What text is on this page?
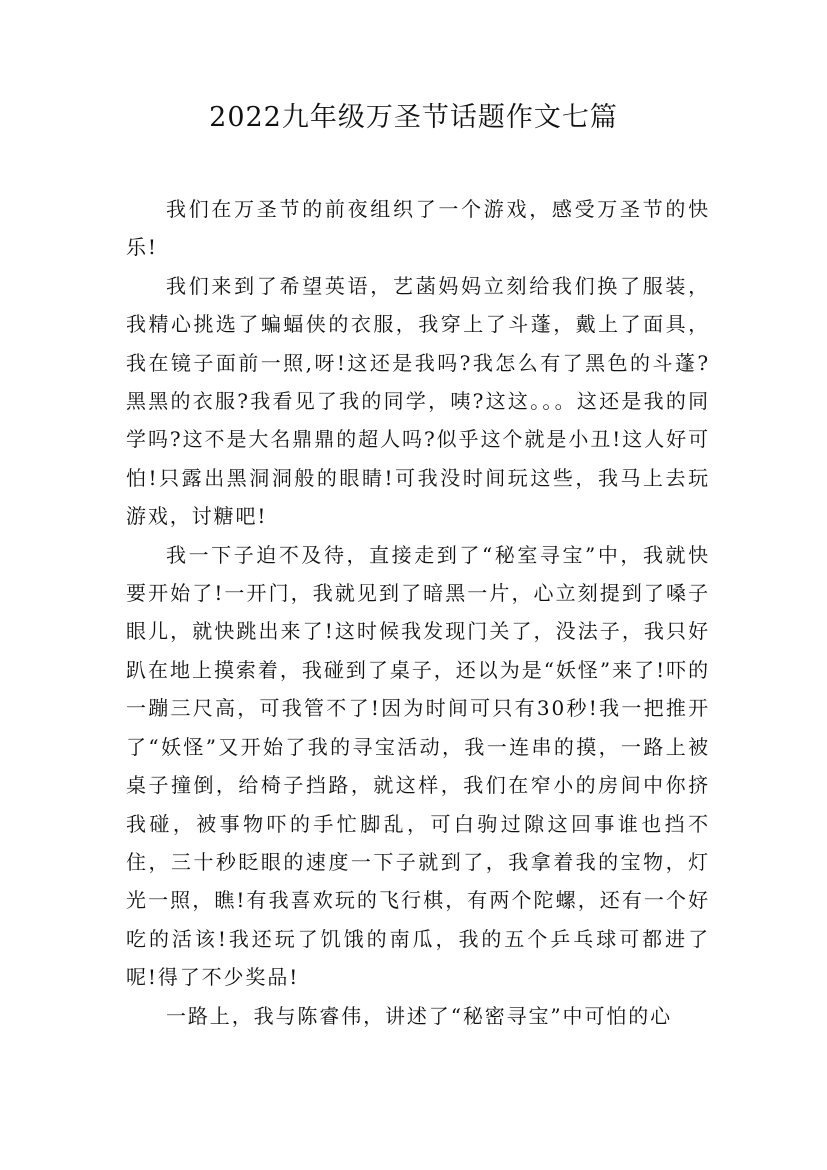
2022九年级万圣节话题作文七篇

我们在万圣节的前夜组织了一个游戏，感受万圣节的快乐!

我们来到了希望英语，艺菡妈妈立刻给我们换了服装，我精心挑选了蝙蝠侠的衣服，我穿上了斗蓬，戴上了面具，我在镜子面前一照,呀!这还是我吗?我怎么有了黑色的斗蓬?黑黑的衣服?我看见了我的同学，咦?这这。。。这还是我的同学吗?这不是大名鼎鼎的超人吗?似乎这个就是小丑!这人好可怕!只露出黑洞洞般的眼睛!可我没时间玩这些，我马上去玩游戏，讨糖吧!

我一下子迫不及待，直接走到了“秘室寻宝”中，我就快要开始了!一开门，我就见到了暗黑一片，心立刻提到了嗓子眼儿，就快跳出来了!这时候我发现门关了，没法子，我只好趴在地上摸索着，我碰到了桌子，还以为是“妖怪”来了!吓的一蹦三尺高，可我管不了!因为时间可只有30秒!我一把推开了“妖怪”又开始了我的寻宝活动，我一连串的摸，一路上被桌子撞倒，给椅子挡路，就这样，我们在窄小的房间中你挤我碰，被事物吓的手忙脚乱，可白驹过隙这回事谁也挡不住，三十秒眨眼的速度一下子就到了，我拿着我的宝物，灯光一照，瞧!有我喜欢玩的飞行棋，有两个陀螺，还有一个好吃的活该!我还玩了饥饿的南瓜，我的五个乒乓球可都进了呢!得了不少奖品!

一路上，我与陈睿伟，讲述了“秘密寻宝”中可怕的心
